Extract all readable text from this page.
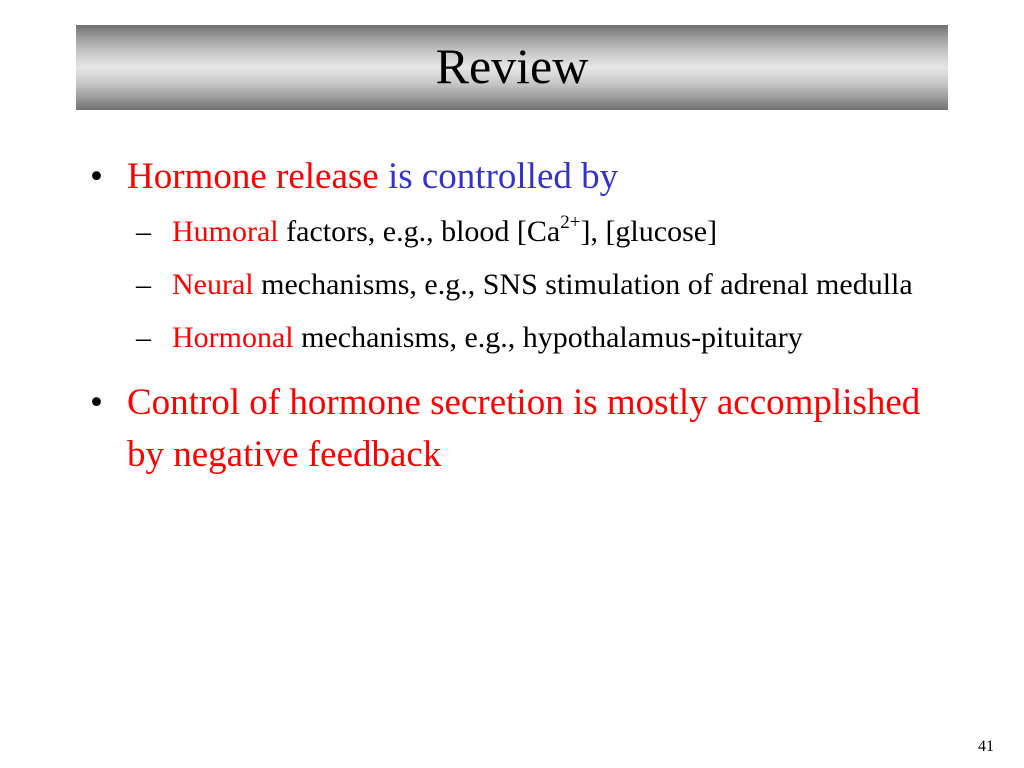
Review
• Hormone release is controlled by
– Humoral factors, e.g., blood $[Ca^{2+}]$, [glucose]
– Neural mechanisms, e.g., SNS stimulation of adrenal medulla
– Hormonal mechanisms, e.g., hypothalamus-pituitary
• Control of hormone secretion is mostly accomplished by negative feedback
41
